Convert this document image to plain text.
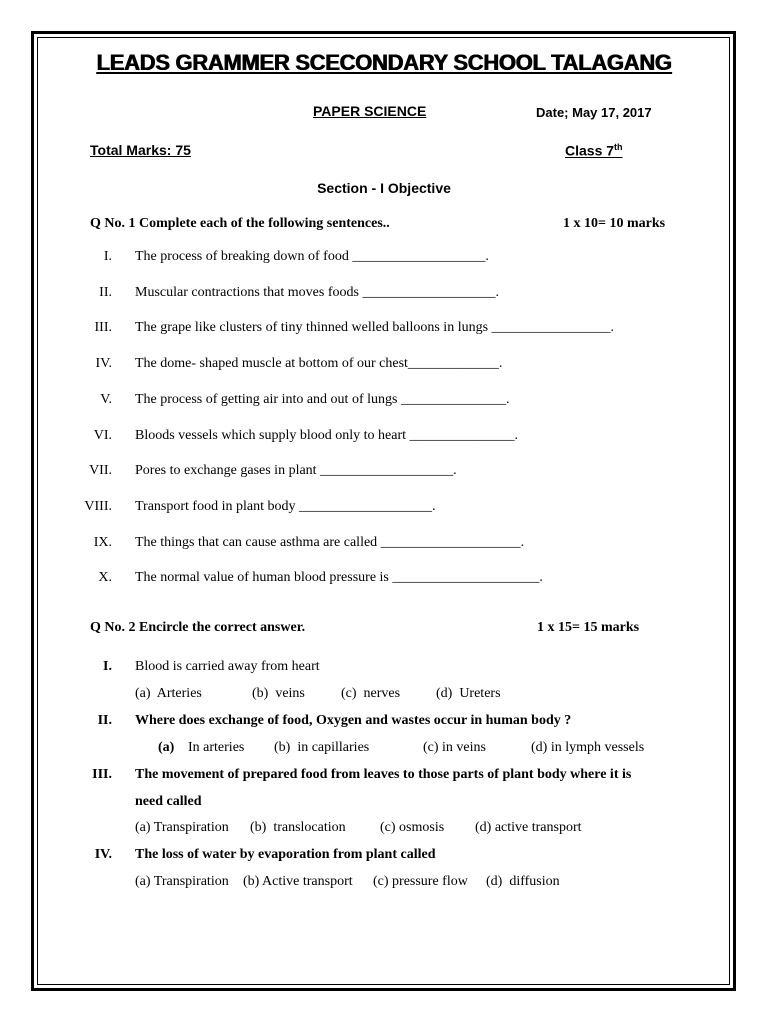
LEADS GRAMMER SCECONDARY SCHOOL TALAGANG
PAPER SCIENCE	Date; May 17, 2017
Total Marks: 75	Class 7th
Section - I Objective
Q No. 1 Complete each of the following sentences..	1 x 10= 10 marks
I. The process of breaking down of food ___________________.
II. Muscular contractions that moves foods ___________________.
III. The grape like clusters of tiny thinned welled balloons in lungs _________________.
IV. The dome- shaped muscle at bottom of our chest_____________.
V. The process of getting air into and out of lungs _______________.
VI. Bloods vessels which supply blood only to heart _______________.
VII. Pores to exchange gases in plant ___________________.
VIII. Transport food in plant body ___________________.
IX. The things that can cause asthma are called ____________________.
X. The normal value of human blood pressure is _____________________.
Q No. 2 Encircle the correct answer.	1 x 15= 15 marks
I. Blood is carried away from heart
(a)  Arteries	(b)  veins	(c)  nerves	(d)  Ureters
II. Where does exchange of food, Oxygen and wastes occur in human body ?
(a) In arteries (b)  in capillaries	(c) in veins	(d) in lymph vessels
III. The movement of prepared food from leaves to those parts of plant body where it is
need called
(a) Transpiration (b)  translocation (c) osmosis (d) active transport
IV. The loss of water by evaporation from plant called
(a) Transpiration (b) Active transport (c) pressure flow (d)  diffusion
